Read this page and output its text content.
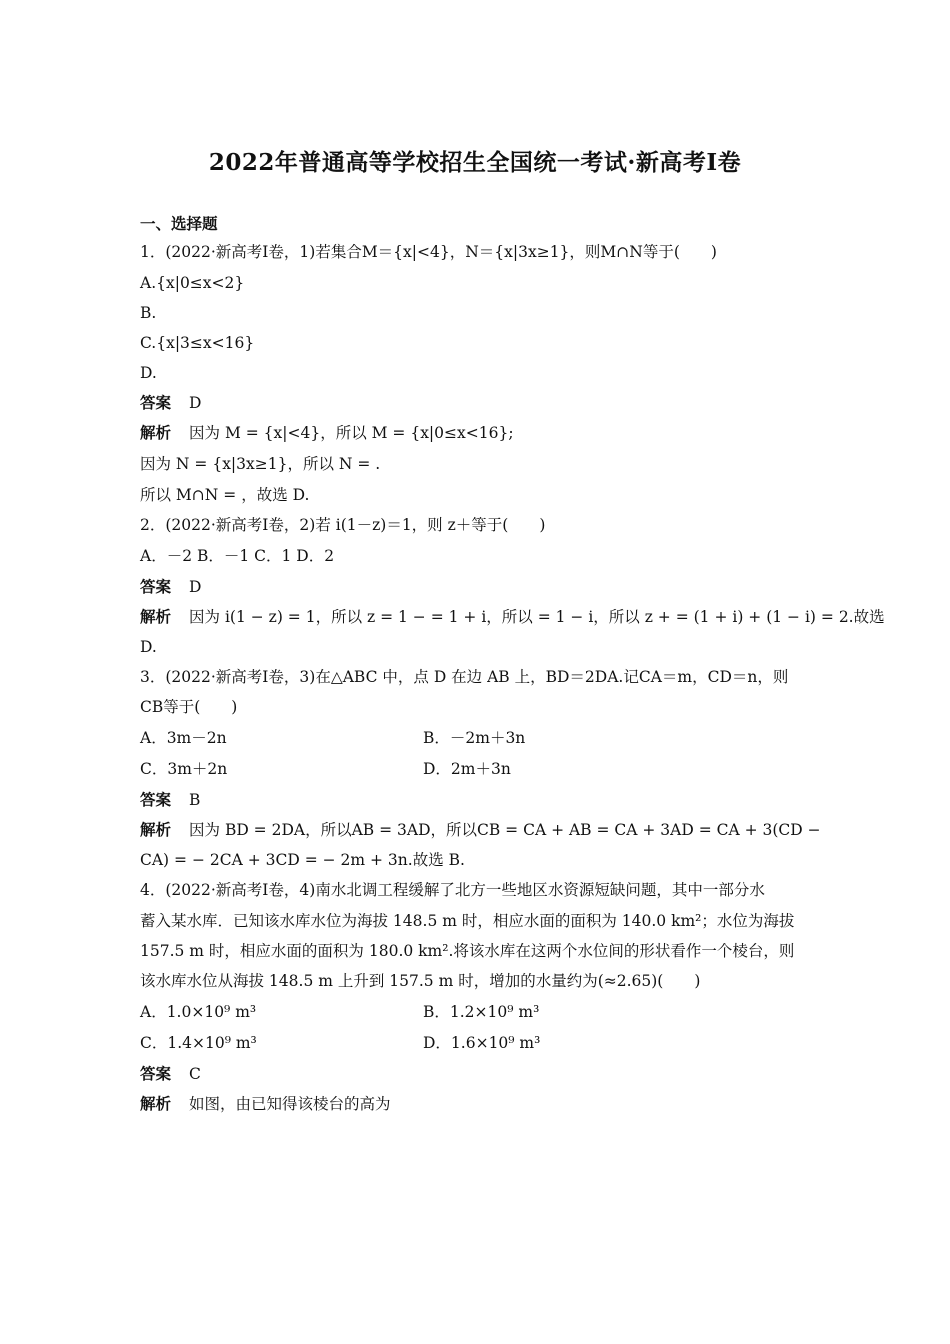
2022年普通高等学校招生全国统一考试·新高考Ⅰ卷
一、选择题
1．(2022·新高考Ⅰ卷，1)若集合M＝{x|<4}，N＝{x|3x≥1}，则M∩N等于(　　)
A.{x|0≤x<2}
B.
C.{x|3≤x<16}
D.
答案 D
解析 因为 M = {x|<4}，所以 M = {x|0≤x<16};
因为 N = {x|3x≥1}，所以 N = .
所以 M∩N = ，故选 D.
2．(2022·新高考Ⅰ卷，2)若 i(1－z)＝1，则 z＋等于(　　)
A．－2 B．－1 C．1 D．2
答案 D
解析 因为 i(1 − z) = 1，所以 z = 1 − = 1 + i，所以 = 1 − i，所以 z + = (1 + i) + (1 − i) = 2.故选
D.
3．(2022·新高考Ⅰ卷，3)在△ABC 中，点 D 在边 AB 上，BD＝2DA.记CA＝m，CD＝n，则
CB等于(　　)
A．3m－2n	B．－2m＋3n
C．3m＋2n	D．2m＋3n
答案 B
解析 因为 BD = 2DA，所以AB = 3AD，所以CB = CA + AB = CA + 3AD = CA + 3(CD −
CA) = − 2CA + 3CD = − 2m + 3n.故选 B.
4．(2022·新高考Ⅰ卷，4)南水北调工程缓解了北方一些地区水资源短缺问题，其中一部分水
蓄入某水库．已知该水库水位为海拔 148.5 m 时，相应水面的面积为 140.0 km²；水位为海拔
157.5 m 时，相应水面的面积为 180.0 km².将该水库在这两个水位间的形状看作一个棱台，则
该水库水位从海拔 148.5 m 上升到 157.5 m 时，增加的水量约为(≈2.65)(　　)
A．1.0×10⁹ m³	B．1.2×10⁹ m³
C．1.4×10⁹ m³	D．1.6×10⁹ m³
答案 C
解析 如图，由已知得该棱台的高为
